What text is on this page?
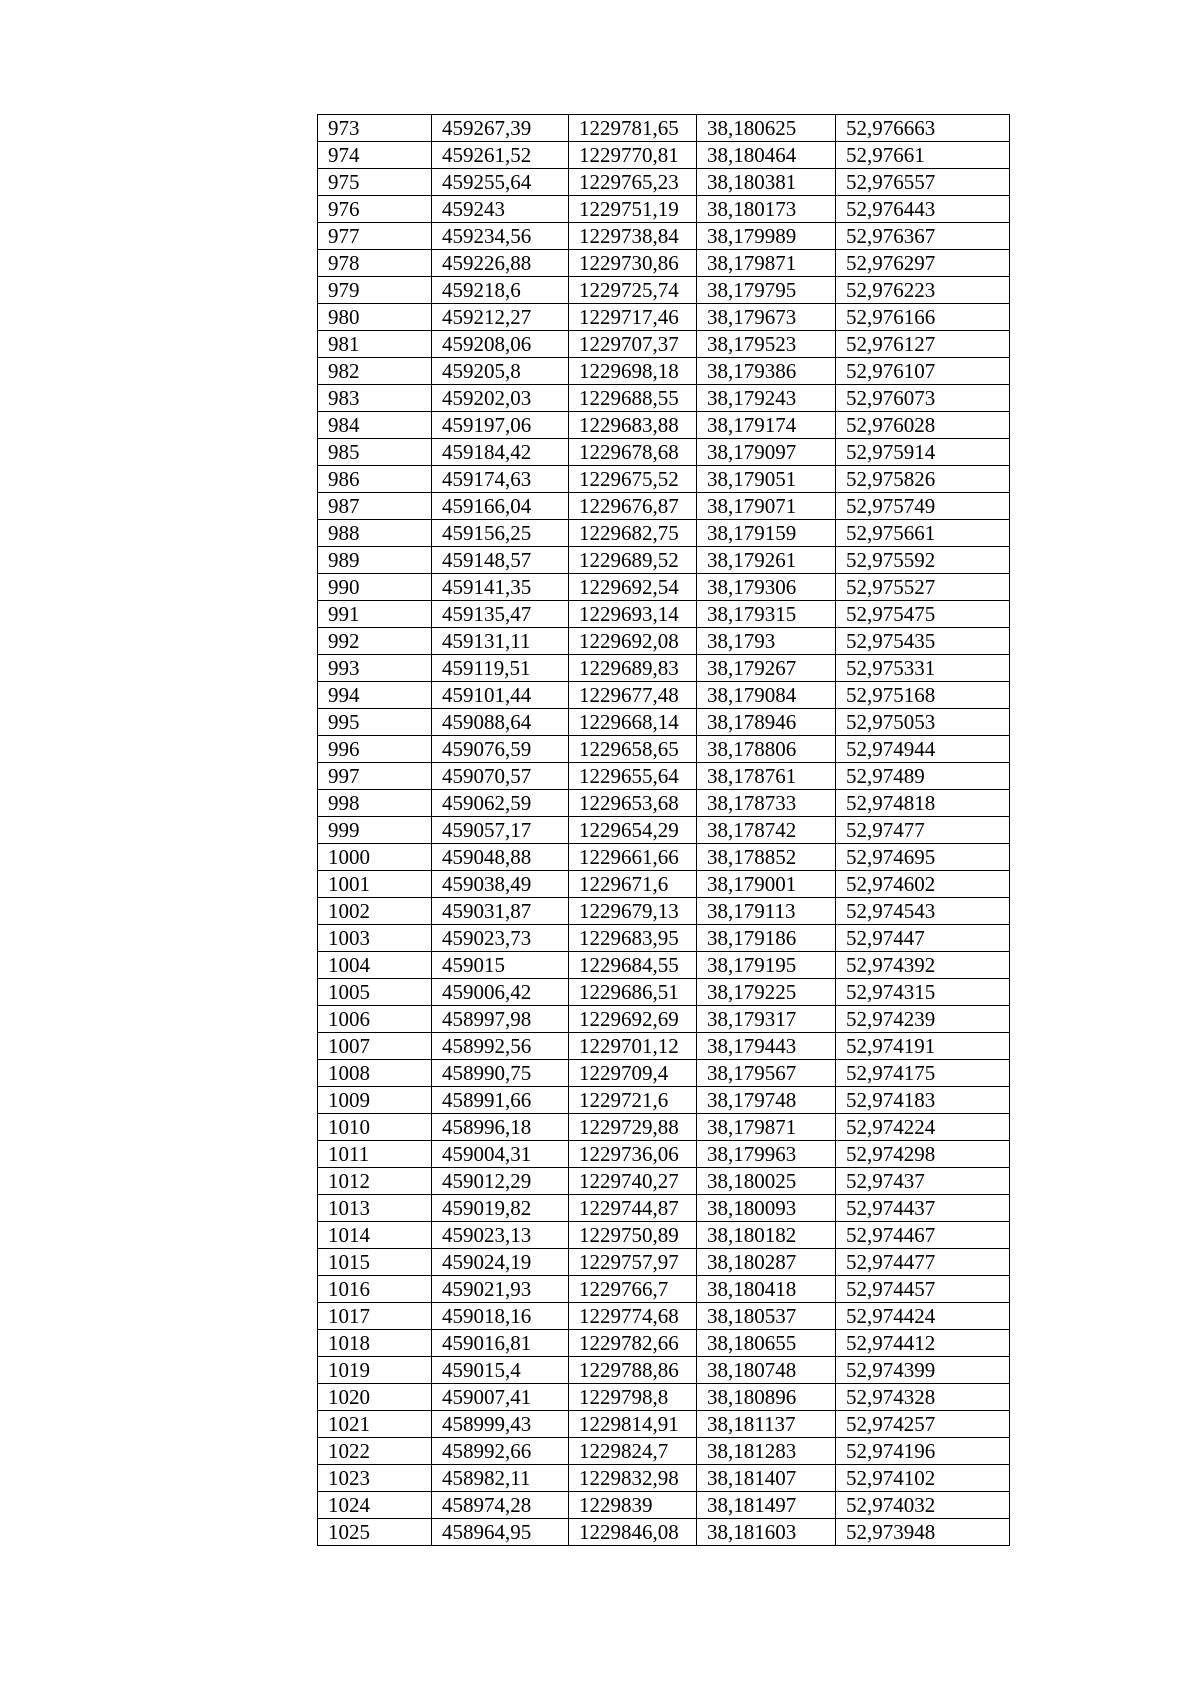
973	459267,39	1229781,65	38,180625	52,976663
974	459261,52	1229770,81	38,180464	52,97661
975	459255,64	1229765,23	38,180381	52,976557
976	459243	1229751,19	38,180173	52,976443
977	459234,56	1229738,84	38,179989	52,976367
978	459226,88	1229730,86	38,179871	52,976297
979	459218,6	1229725,74	38,179795	52,976223
980	459212,27	1229717,46	38,179673	52,976166
981	459208,06	1229707,37	38,179523	52,976127
982	459205,8	1229698,18	38,179386	52,976107
983	459202,03	1229688,55	38,179243	52,976073
984	459197,06	1229683,88	38,179174	52,976028
985	459184,42	1229678,68	38,179097	52,975914
986	459174,63	1229675,52	38,179051	52,975826
987	459166,04	1229676,87	38,179071	52,975749
988	459156,25	1229682,75	38,179159	52,975661
989	459148,57	1229689,52	38,179261	52,975592
990	459141,35	1229692,54	38,179306	52,975527
991	459135,47	1229693,14	38,179315	52,975475
992	459131,11	1229692,08	38,1793	52,975435
993	459119,51	1229689,83	38,179267	52,975331
994	459101,44	1229677,48	38,179084	52,975168
995	459088,64	1229668,14	38,178946	52,975053
996	459076,59	1229658,65	38,178806	52,974944
997	459070,57	1229655,64	38,178761	52,97489
998	459062,59	1229653,68	38,178733	52,974818
999	459057,17	1229654,29	38,178742	52,97477
1000	459048,88	1229661,66	38,178852	52,974695
1001	459038,49	1229671,6	38,179001	52,974602
1002	459031,87	1229679,13	38,179113	52,974543
1003	459023,73	1229683,95	38,179186	52,97447
1004	459015	1229684,55	38,179195	52,974392
1005	459006,42	1229686,51	38,179225	52,974315
1006	458997,98	1229692,69	38,179317	52,974239
1007	458992,56	1229701,12	38,179443	52,974191
1008	458990,75	1229709,4	38,179567	52,974175
1009	458991,66	1229721,6	38,179748	52,974183
1010	458996,18	1229729,88	38,179871	52,974224
1011	459004,31	1229736,06	38,179963	52,974298
1012	459012,29	1229740,27	38,180025	52,97437
1013	459019,82	1229744,87	38,180093	52,974437
1014	459023,13	1229750,89	38,180182	52,974467
1015	459024,19	1229757,97	38,180287	52,974477
1016	459021,93	1229766,7	38,180418	52,974457
1017	459018,16	1229774,68	38,180537	52,974424
1018	459016,81	1229782,66	38,180655	52,974412
1019	459015,4	1229788,86	38,180748	52,974399
1020	459007,41	1229798,8	38,180896	52,974328
1021	458999,43	1229814,91	38,181137	52,974257
1022	458992,66	1229824,7	38,181283	52,974196
1023	458982,11	1229832,98	38,181407	52,974102
1024	458974,28	1229839	38,181497	52,974032
1025	458964,95	1229846,08	38,181603	52,973948
